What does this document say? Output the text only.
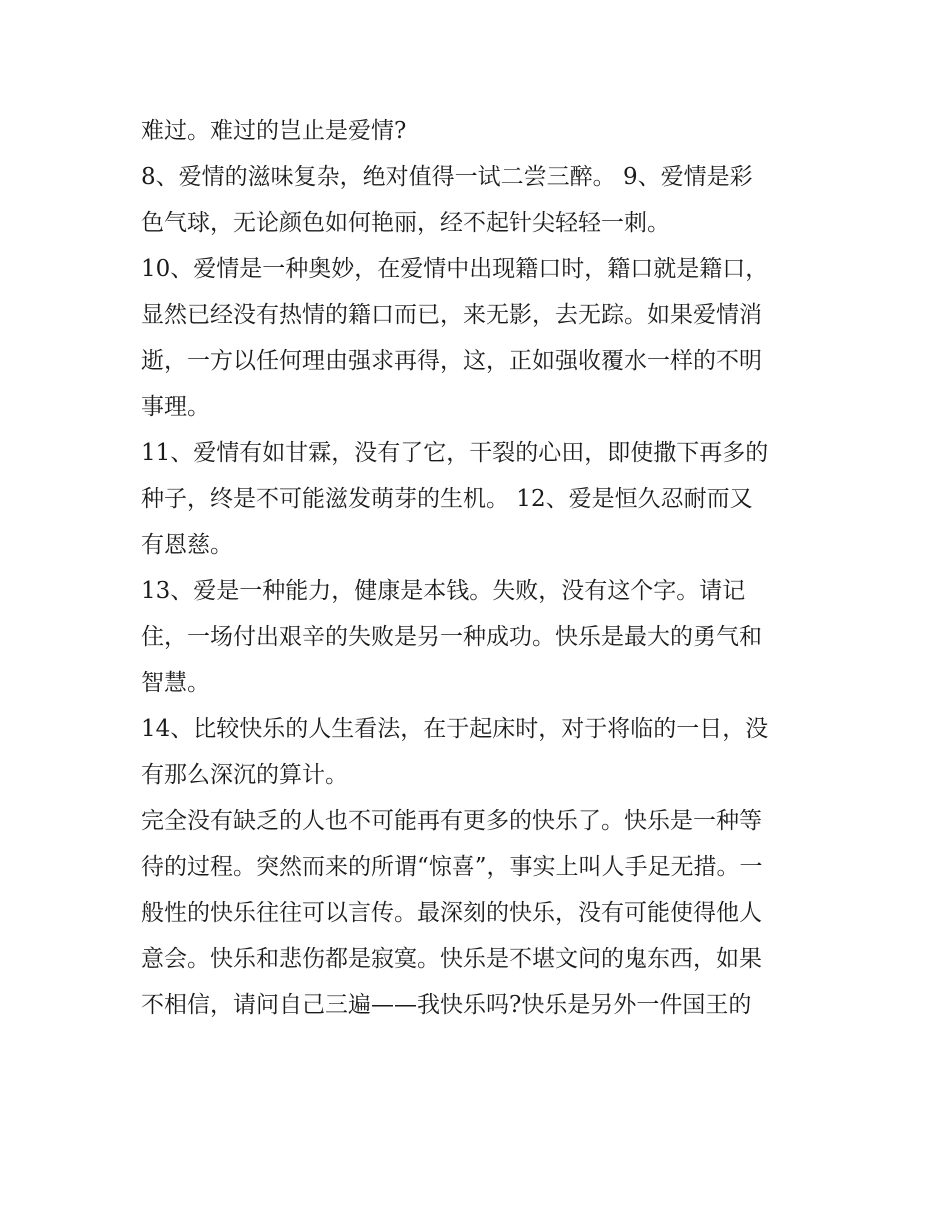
难过。难过的岂止是爱情?
8、爱情的滋味复杂，绝对值得一试二尝三醉。 9、爱情是彩
色气球，无论颜色如何艳丽，经不起针尖轻轻一刺。
10、爱情是一种奥妙，在爱情中出现籍口时，籍口就是籍口，
显然已经没有热情的籍口而已，来无影，去无踪。如果爱情消
逝，一方以任何理由强求再得，这，正如强收覆水一样的不明
事理。
11、爱情有如甘霖，没有了它，干裂的心田，即使撒下再多的
种子，终是不可能滋发萌芽的生机。 12、爱是恒久忍耐而又
有恩慈。
13、爱是一种能力，健康是本钱。失败，没有这个字。请记
住，一场付出艰辛的失败是另一种成功。快乐是最大的勇气和
智慧。
14、比较快乐的人生看法，在于起床时，对于将临的一日，没
有那么深沉的算计。
完全没有缺乏的人也不可能再有更多的快乐了。快乐是一种等
待的过程。突然而来的所谓“惊喜”，事实上叫人手足无措。一
般性的快乐往往可以言传。最深刻的快乐，没有可能使得他人
意会。快乐和悲伤都是寂寞。快乐是不堪文问的鬼东西，如果
不相信，请问自己三遍——我快乐吗?快乐是另外一件国王的
